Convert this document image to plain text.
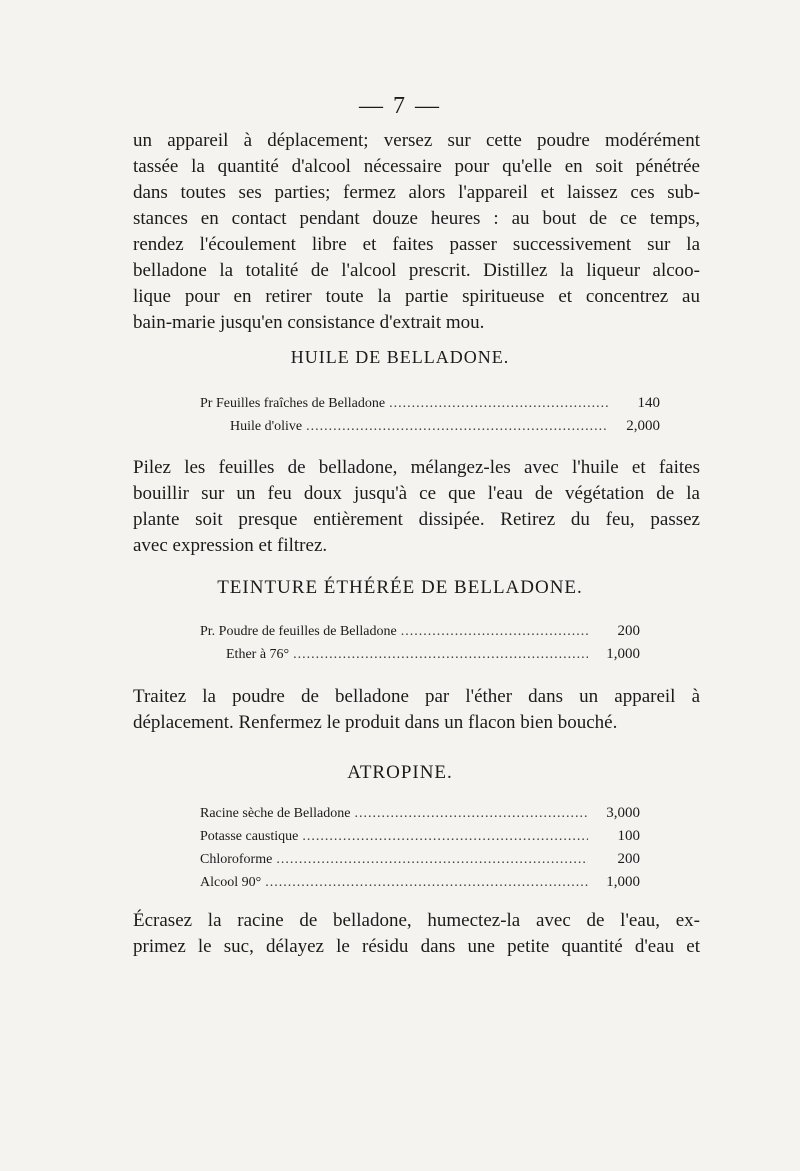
— 7 —
un appareil à déplacement; versez sur cette poudre modérément
tassée la quantité d'alcool nécessaire pour qu'elle en soit pénétrée
dans toutes ses parties; fermez alors l'appareil et laissez ces sub-
stances en contact pendant douze heures : au bout de ce temps,
rendez l'écoulement libre et faites passer successivement sur la
belladone la totalité de l'alcool prescrit. Distillez la liqueur alcoo-
lique pour en retirer toute la partie spiritueuse et concentrez au
bain-marie jusqu'en consistance d'extrait mou.
HUILE DE BELLADONE.
Pr Feuilles fraîches de Belladone .....	140
Huile d'olive .....	2,000
Pilez les feuilles de belladone, mélangez-les avec l'huile et faites
bouillir sur un feu doux jusqu'à ce que l'eau de végétation de la
plante soit presque entièrement dissipée. Retirez du feu, passez
avec expression et filtrez.
TEINTURE ÉTHÉRÉE DE BELLADONE.
Pr. Poudre de feuilles de Belladone .....	200
Ether à 76° .....	1,000
Traitez la poudre de belladone par l'éther dans un appareil à
déplacement. Renfermez le produit dans un flacon bien bouché.
ATROPINE.
Racine sèche de Belladone .....	3,000
Potasse caustique .....	100
Chloroforme .....	200
Alcool 90° .....	1,000
Écrasez la racine de belladone, humectez-la avec de l'eau, ex-
primez le suc, délayez le résidu dans une petite quantité d'eau et
